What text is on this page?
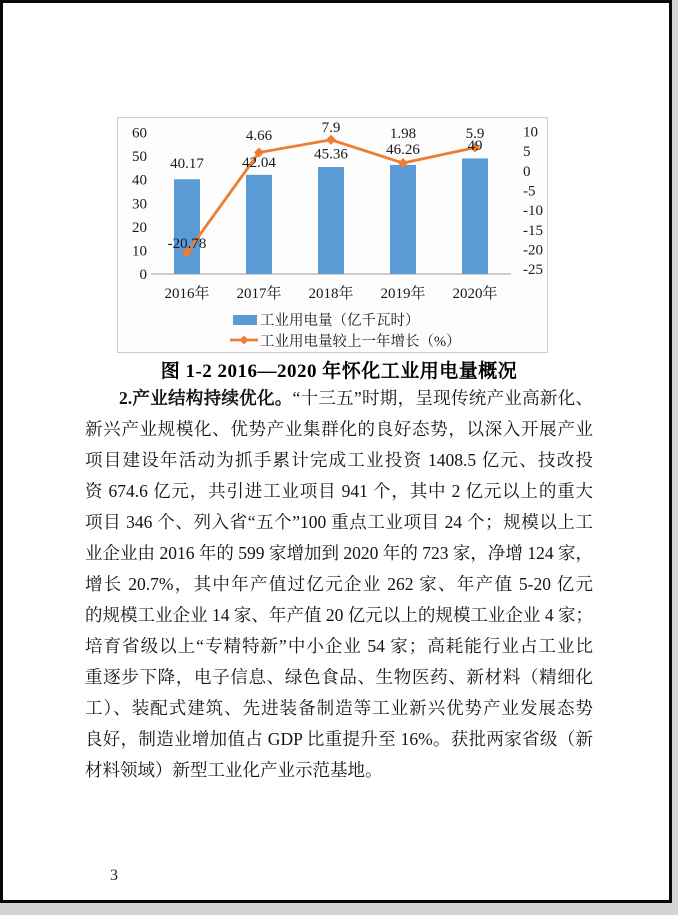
60
50
40
30
20
10
0
10
5
0
-5
-10
-15
-20
-25
2016年 2017年 2018年 2019年 2020年
40.17	42.04
45.36	46.26	49
-20.78
4.66	7.9	1.98	5.9
工业用电量（亿千瓦时）
工业用电量较上一年增长（%）
图 1-2 2016—2020 年怀化工业用电量概况
2.产业结构持续优化。“十三五”时期，呈现传统产业高新化、
新兴产业规模化、优势产业集群化的良好态势，以深入开展产业
项目建设年活动为抓手累计完成工业投资 1408.5 亿元、技改投
资 674.6 亿元，共引进工业项目 941 个，其中 2 亿元以上的重大
项目 346 个、列入省“五个”100 重点工业项目 24 个；规模以上工
业企业由 2016 年的 599 家增加到 2020 年的 723 家，净增 124 家，
增长 20.7%，其中年产值过亿元企业 262 家、年产值 5-20 亿元
的规模工业企业 14 家、年产值 20 亿元以上的规模工业企业 4 家；
培育省级以上“专精特新”中小企业 54 家；高耗能行业占工业比
重逐步下降，电子信息、绿色食品、生物医药、新材料（精细化
工）、装配式建筑、先进装备制造等工业新兴优势产业发展态势
良好，制造业增加值占 GDP 比重提升至 16%。获批两家省级（新
材料领域）新型工业化产业示范基地。
3
